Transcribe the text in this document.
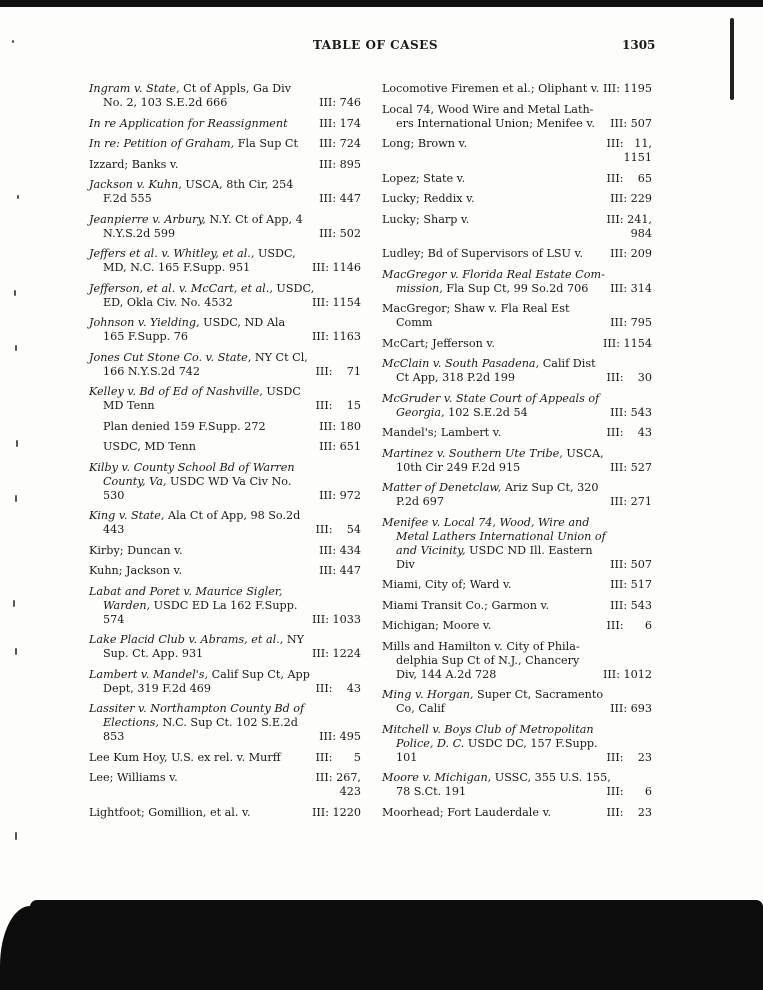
TABLE OF CASES	1305
Ingram v. State, Ct of Appls, Ga Div
No. 2, 103 S.E.2d 666	III: 746
In re Application for Reassignment	III: 174
In re: Petition of Graham, Fla Sup Ct	III: 724
Izzard; Banks v.	III: 895
Jackson v. Kuhn, USCA, 8th Cir, 254
F.2d 555	III: 447
Jeanpierre v. Arbury, N.Y. Ct of App, 4
N.Y.S.2d 599	III: 502
Jeffers et al. v. Whitley, et al., USDC,
MD, N.C. 165 F.Supp. 951	III: 1146
Jefferson, et al. v. McCart, et al., USDC,
ED, Okla Civ. No. 4532	III: 1154
Johnson v. Yielding, USDC, ND Ala
165 F.Supp. 76	III: 1163
Jones Cut Stone Co. v. State, NY Ct Cl,
166 N.Y.S.2d 742	III:    71
Kelley v. Bd of Ed of Nashville, USDC
MD Tenn	III:    15
Plan denied 159 F.Supp. 272	III: 180
USDC, MD Tenn	III: 651
Kilby v. County School Bd of Warren
County, Va, USDC WD Va Civ No.
530	III: 972
King v. State, Ala Ct of App, 98 So.2d
443	III:    54
Kirby; Duncan v.	III: 434
Kuhn; Jackson v.	III: 447
Labat and Poret v. Maurice Sigler,
Warden, USDC ED La 162 F.Supp.
574	III: 1033
Lake Placid Club v. Abrams, et al., NY
Sup. Ct. App. 931	III: 1224
Lambert v. Mandel's, Calif Sup Ct, App
Dept, 319 F.2d 469	III:    43
Lassiter v. Northampton County Bd of
Elections, N.C. Sup Ct. 102 S.E.2d
853	III: 495
Lee Kum Hoy, U.S. ex rel. v. Murff	III:      5
Lee; Williams v.
	III: 267,
423
Lightfoot; Gomillion, et al. v.	III: 1220
Locomotive Firemen et al.; Oliphant v. III: 1195
Local 74, Wood Wire and Metal Lath-
ers International Union; Menifee v.	III: 507
Long; Brown v.
	III:   11,
1151
Lopez; State v.	III:    65
Lucky; Reddix v.	III: 229
Lucky; Sharp v.
	III: 241,
984
Ludley; Bd of Supervisors of LSU v.	III: 209
MacGregor v. Florida Real Estate Com-
mission, Fla Sup Ct, 99 So.2d 706	III: 314
MacGregor; Shaw v. Fla Real Est
Comm	III: 795
McCart; Jefferson v.	III: 1154
McClain v. South Pasadena, Calif Dist
Ct App, 318 P.2d 199	III:    30
McGruder v. State Court of Appeals of
Georgia, 102 S.E.2d 54	III: 543
Mandel's; Lambert v.	III:    43
Martinez v. Southern Ute Tribe, USCA,
10th Cir 249 F.2d 915	III: 527
Matter of Denetclaw, Ariz Sup Ct, 320
P.2d 697	III: 271
Menifee v. Local 74, Wood, Wire and
Metal Lathers International Union of
and Vicinity, USDC ND Ill. Eastern
Div	III: 507
Miami, City of; Ward v.	III: 517
Miami Transit Co.; Garmon v.	III: 543
Michigan; Moore v.	III:      6
Mills and Hamilton v. City of Phila-
delphia Sup Ct of N.J., Chancery
Div, 144 A.2d 728	III: 1012
Ming v. Horgan, Super Ct, Sacramento
Co, Calif	III: 693
Mitchell v. Boys Club of Metropolitan
Police, D. C. USDC DC, 157 F.Supp.
101	III:    23
Moore v. Michigan, USSC, 355 U.S. 155,
78 S.Ct. 191	III:      6
Moorhead; Fort Lauderdale v.	III:    23
